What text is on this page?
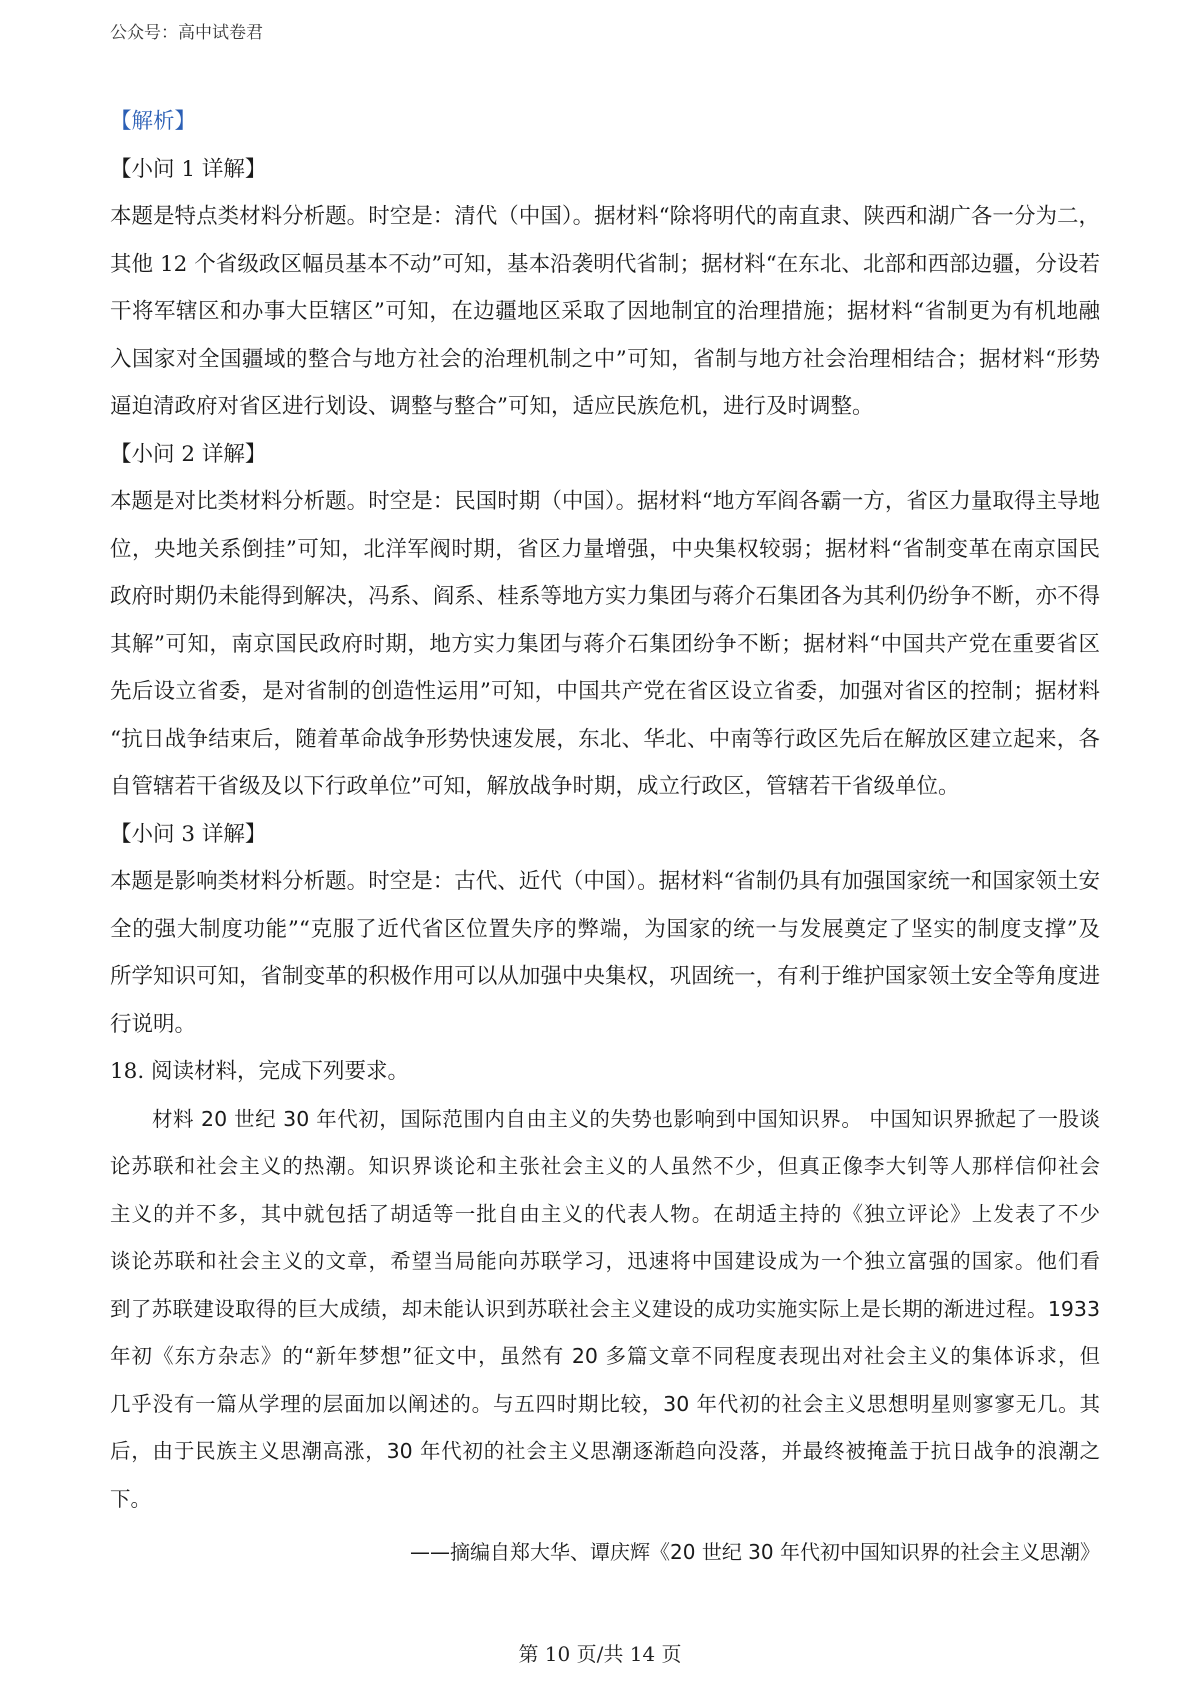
公众号：高中试卷君
【解析】
【小问 1 详解】
本题是特点类材料分析题。时空是：清代（中国）。据材料“除将明代的南直隶、陕西和湖广各一分为二，
其他 12 个省级政区幅员基本不动”可知，基本沿袭明代省制；据材料“在东北、北部和西部边疆，分设若
干将军辖区和办事大臣辖区”可知，在边疆地区采取了因地制宜的治理措施；据材料“省制更为有机地融
入国家对全国疆域的整合与地方社会的治理机制之中”可知，省制与地方社会治理相结合；据材料“形势
逼迫清政府对省区进行划设、调整与整合”可知，适应民族危机，进行及时调整。
【小问 2 详解】
本题是对比类材料分析题。时空是：民国时期（中国）。据材料“地方军阎各霸一方，省区力量取得主导地
位，央地关系倒挂”可知，北洋军阀时期，省区力量增强，中央集权较弱；据材料“省制变革在南京国民
政府时期仍未能得到解决，冯系、阎系、桂系等地方实力集团与蒋介石集团各为其利仍纷争不断，亦不得
其解”可知，南京国民政府时期，地方实力集团与蒋介石集团纷争不断；据材料“中国共产党在重要省区
先后设立省委，是对省制的创造性运用”可知，中国共产党在省区设立省委，加强对省区的控制；据材料
“抗日战争结束后，随着革命战争形势快速发展，东北、华北、中南等行政区先后在解放区建立起来，各
自管辖若干省级及以下行政单位”可知，解放战争时期，成立行政区，管辖若干省级单位。
【小问 3 详解】
本题是影响类材料分析题。时空是：古代、近代（中国）。据材料“省制仍具有加强国家统一和国家领土安
全的强大制度功能”“克服了近代省区位置失序的弊端，为国家的统一与发展奠定了坚实的制度支撑”及
所学知识可知，省制变革的积极作用可以从加强中央集权，巩固统一，有利于维护国家领土安全等角度进
行说明。
18. 阅读材料，完成下列要求。
材料 20 世纪 30 年代初，国际范围内自由主义的失势也影响到中国知识界。 中国知识界掀起了一股谈
论苏联和社会主义的热潮。知识界谈论和主张社会主义的人虽然不少，但真正像李大钊等人那样信仰社会
主义的并不多，其中就包括了胡适等一批自由主义的代表人物。在胡适主持的《独立评论》上发表了不少
谈论苏联和社会主义的文章，希望当局能向苏联学习，迅速将中国建设成为一个独立富强的国家。他们看
到了苏联建设取得的巨大成绩，却未能认识到苏联社会主义建设的成功实施实际上是长期的渐进过程。1933
年初《东方杂志》的“新年梦想”征文中，虽然有 20 多篇文章不同程度表现出对社会主义的集体诉求，但
几乎没有一篇从学理的层面加以阐述的。与五四时期比较，30 年代初的社会主义思想明星则寥寥无几。其
后，由于民族主义思潮高涨，30 年代初的社会主义思潮逐渐趋向没落，并最终被掩盖于抗日战争的浪潮之
下。
——摘编自郑大华、谭庆辉《20 世纪 30 年代初中国知识界的社会主义思潮》
第 10 页/共 14 页
